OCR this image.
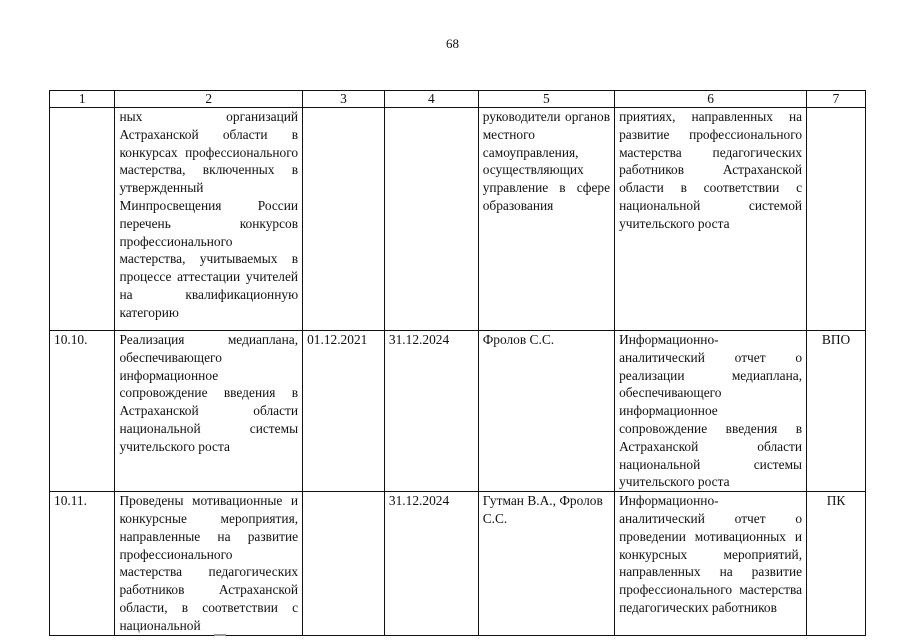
68
1	2	3	4	5	6	7
	ных организаций Астраханской области в конкурсах профессионального мастерства, включенных в утвержденный Минпросвещения России перечень конкурсов профессионального мастерства, учитываемых в процессе аттестации учителей на квалификационную категорию			руководители органов местного самоуправления, осуществляющих управление в сфере образования	приятиях, направленных на развитие профессионального мастерства педагогических работников Астраханской области в соответствии с национальной системой учительского роста	
10.10.	Реализация медиаплана, обеспечивающего информационное сопровождение введения в Астраханской области национальной системы учительского роста	01.12.2021	31.12.2024	Фролов С.С.	Информационно-аналитический отчет о реализации медиаплана, обеспечивающего информационное сопровождение введения в Астраханской области национальной системы учительского роста	ВПО
10.11.	Проведены мотивационные и конкурсные мероприятия, направленные на развитие профессионального мастерства педагогических работников Астраханской области, в соответствии с национальной		31.12.2024	Гутман В.А., Фролов С.С.	Информационно-аналитический отчет о проведении мотивационных и конкурсных мероприятий, направленных на развитие профессионального мастерства педагогических работников	ПК
